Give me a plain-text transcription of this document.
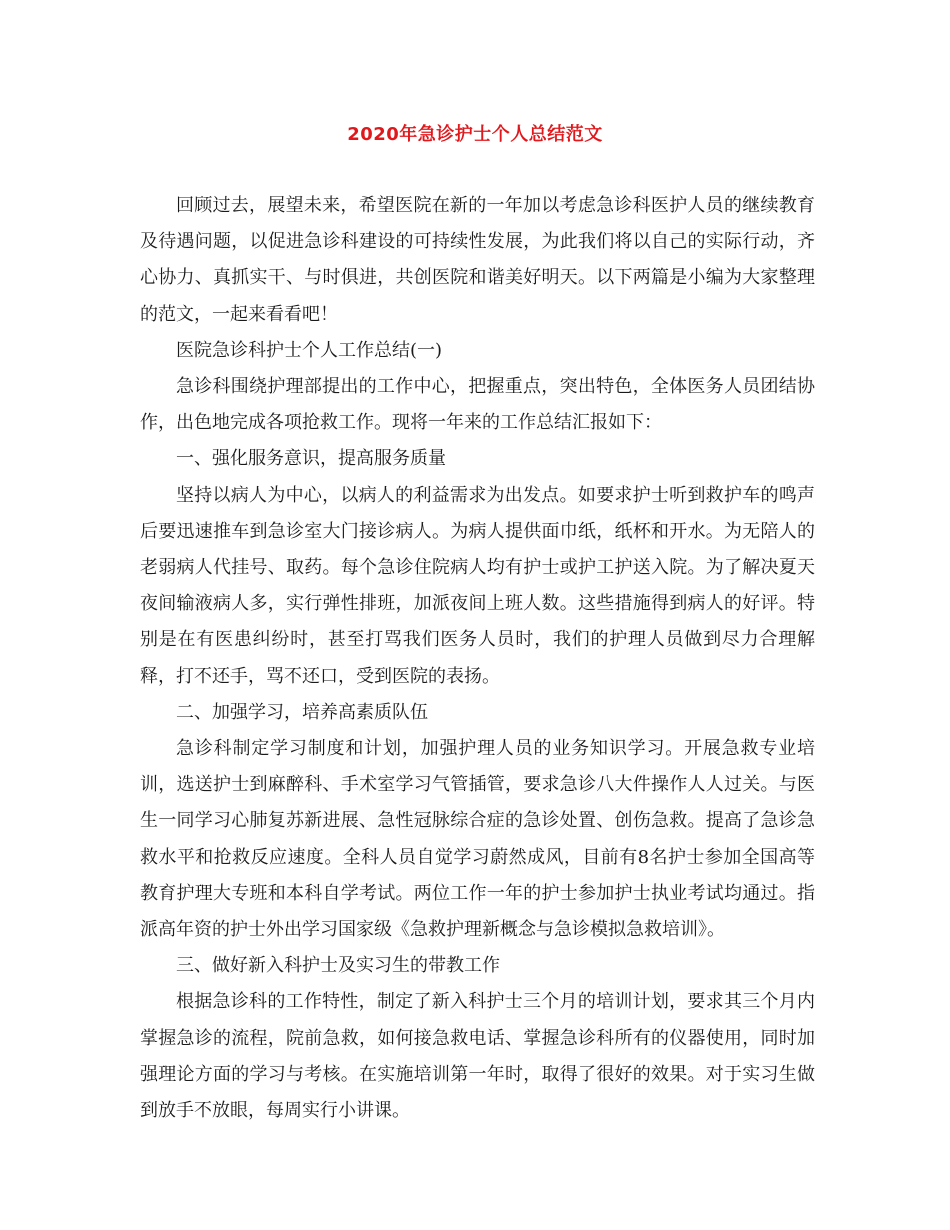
2020年急诊护士个人总结范文

回顾过去，展望未来，希望医院在新的一年加以考虑急诊科医护人员的继续教育及待遇问题，以促进急诊科建设的可持续性发展，为此我们将以自己的实际行动，齐心协力、真抓实干、与时俱进，共创医院和谐美好明天。以下两篇是小编为大家整理的范文，一起来看看吧！

医院急诊科护士个人工作总结(一)

急诊科围绕护理部提出的工作中心，把握重点，突出特色，全体医务人员团结协作，出色地完成各项抢救工作。现将一年来的工作总结汇报如下：

一、强化服务意识，提高服务质量

坚持以病人为中心，以病人的利益需求为出发点。如要求护士听到救护车的鸣声后要迅速推车到急诊室大门接诊病人。为病人提供面巾纸，纸杯和开水。为无陪人的老弱病人代挂号、取药。每个急诊住院病人均有护士或护工护送入院。为了解决夏天夜间输液病人多，实行弹性排班，加派夜间上班人数。这些措施得到病人的好评。特别是在有医患纠纷时，甚至打骂我们医务人员时，我们的护理人员做到尽力合理解释，打不还手，骂不还口，受到医院的表扬。

二、加强学习，培养高素质队伍

急诊科制定学习制度和计划，加强护理人员的业务知识学习。开展急救专业培训，选送护士到麻醉科、手术室学习气管插管，要求急诊八大件操作人人过关。与医生一同学习心肺复苏新进展、急性冠脉综合症的急诊处置、创伤急救。提高了急诊急救水平和抢救反应速度。全科人员自觉学习蔚然成风，目前有8名护士参加全国高等教育护理大专班和本科自学考试。两位工作一年的护士参加护士执业考试均通过。指派高年资的护士外出学习国家级《急救护理新概念与急诊模拟急救培训》。

三、做好新入科护士及实习生的带教工作

根据急诊科的工作特性，制定了新入科护士三个月的培训计划，要求其三个月内掌握急诊的流程，院前急救，如何接急救电话、掌握急诊科所有的仪器使用，同时加强理论方面的学习与考核。在实施培训第一年时，取得了很好的效果。对于实习生做到放手不放眼，每周实行小讲课。
